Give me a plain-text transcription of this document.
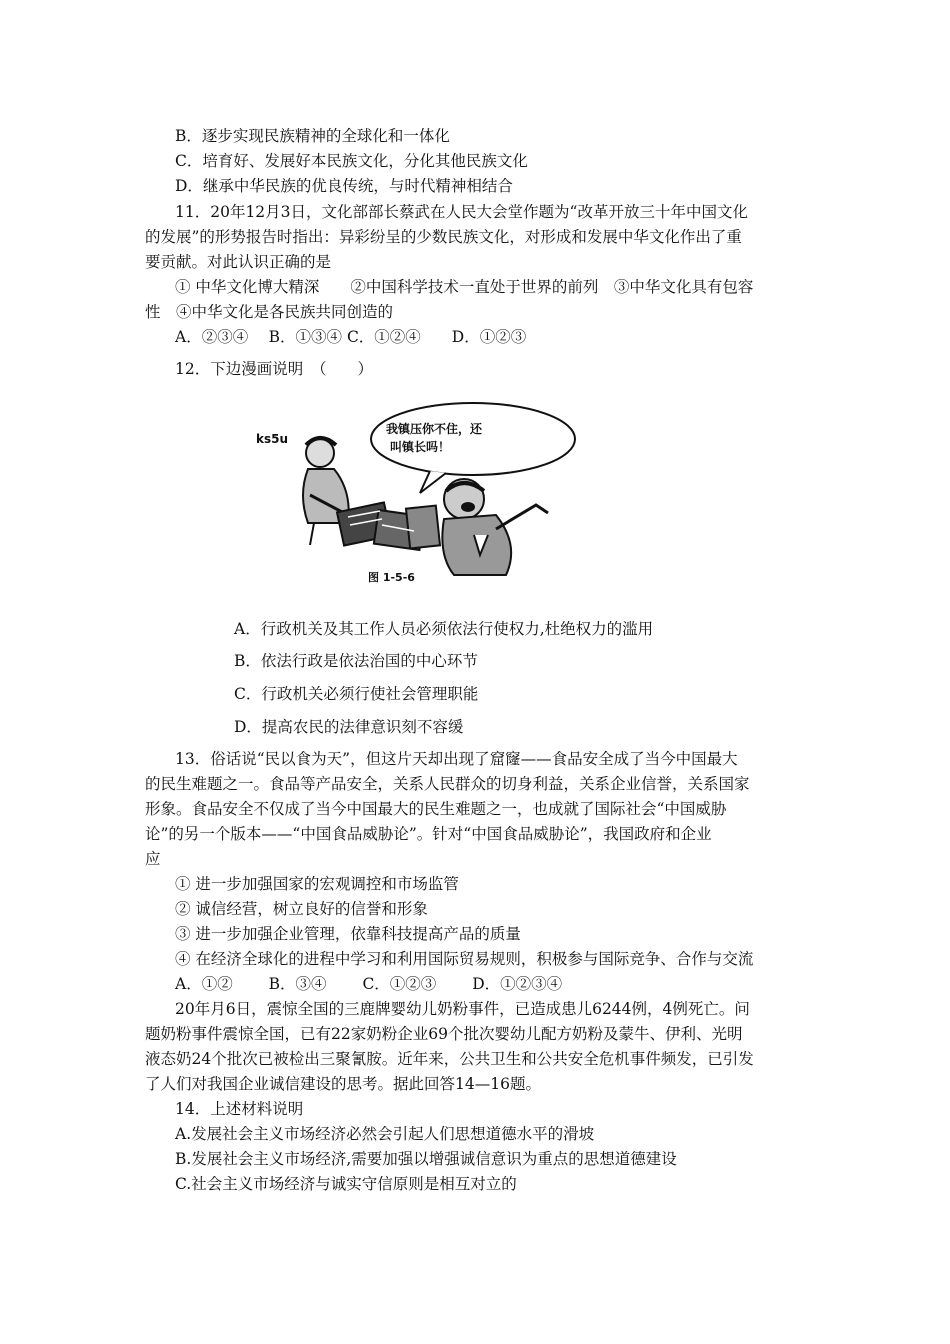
B．逐步实现民族精神的全球化和一体化
C．培育好、发展好本民族文化，分化其他民族文化
D．继承中华民族的优良传统，与时代精神相结合
11．20年12月3日，文化部部长蔡武在人民大会堂作题为“改革开放三十年中国文化
的发展”的形势报告时指出：异彩纷呈的少数民族文化，对形成和发展中华文化作出了重
要贡献。对此认识正确的是
① 中华文化博大精深　　②中国科学技术一直处于世界的前列　③中华文化具有包容
性　④中华文化是各民族共同创造的
A．②③④　 B．①③④ C．①②④　　D．①②③
12．下边漫画说明　（　　）
ks5u
我镇压你不住，还
叫镇长吗！
图 1-5-6
A．行政机关及其工作人员必须依法行使权力,杜绝权力的滥用
B．依法行政是依法治国的中心环节
C．行政机关必须行使社会管理职能
D．提高农民的法律意识刻不容缓
13．俗话说“民以食为天”，但这片天却出现了窟窿——食品安全成了当今中国最大
的民生难题之一。食品等产品安全，关系人民群众的切身利益，关系企业信誉，关系国家
形象。食品安全不仅成了当今中国最大的民生难题之一，也成就了国际社会“中国威胁
论”的另一个版本——“中国食品威胁论”。针对“中国食品威胁论”，我国政府和企业
应
① 进一步加强国家的宏观调控和市场监管
② 诚信经营，树立良好的信誉和形象
③ 进一步加强企业管理，依靠科技提高产品的质量
④ 在经济全球化的进程中学习和利用国际贸易规则，积极参与国际竞争、合作与交流
A．①②　　 B．③④　　 C．①②③　　 D．①②③④
20年月6日，震惊全国的三鹿牌婴幼儿奶粉事件，已造成患儿6244例，4例死亡。问
题奶粉事件震惊全国，已有22家奶粉企业69个批次婴幼儿配方奶粉及蒙牛、伊利、光明
液态奶24个批次已被检出三聚氰胺。近年来，公共卫生和公共安全危机事件频发，已引发
了人们对我国企业诚信建设的思考。据此回答14—16题。
14．上述材料说明
A.发展社会主义市场经济必然会引起人们思想道德水平的滑坡
B.发展社会主义市场经济,需要加强以增强诚信意识为重点的思想道德建设
C.社会主义市场经济与诚实守信原则是相互对立的
